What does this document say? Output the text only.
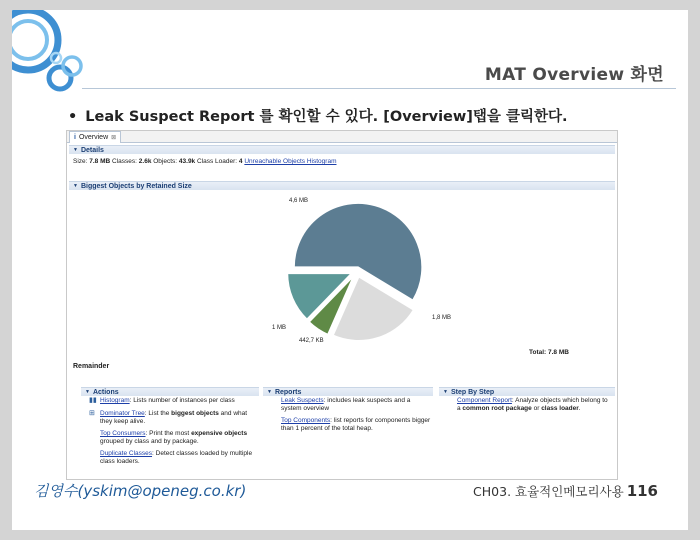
MAT Overview 화면
• Leak Suspect Report 를 확인할 수 있다. [Overview]탭을 클릭한다.
i Overview ⊠
▼ Details
Size: 7.8 MB Classes: 2.6k Objects: 43.9k Class Loader: 4 Unreachable Objects Histogram
▼ Biggest Objects by Retained Size
4,6 MB
1,8 MB
442,7 KB
1 MB
Total: 7.8 MB
Remainder
▼ Actions	▼ Reports	▼ Step By Step
▮▮ Histogram: Lists number of instances per class
⊞ Dominator Tree: List the biggest objects and what they keep alive.
Top Consumers: Print the most expensive objects grouped by class and by package.
Duplicate Classes: Detect classes loaded by multiple class loaders.
Leak Suspects: includes leak suspects and a system overview
Top Components: list reports for components bigger than 1 percent of the total heap.
Component Report: Analyze objects which belong to a common root package or class loader.
김영수(yskim@openeg.co.kr)	CH03. 효율적인메모리사용 116
